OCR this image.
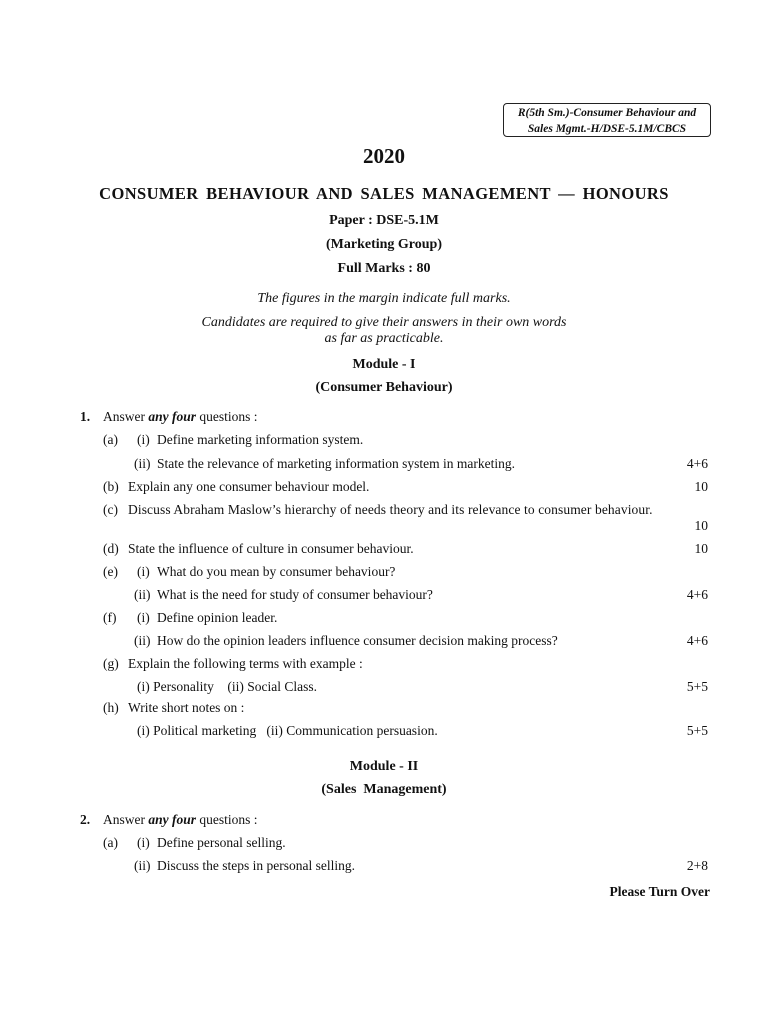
R(5th Sm.)-Consumer Behaviour and
Sales Mgmt.-H/DSE-5.1M/CBCS
2020
CONSUMER BEHAVIOUR AND SALES MANAGEMENT — HONOURS
Paper : DSE-5.1M
(Marketing Group)
Full Marks : 80
The figures in the margin indicate full marks.
Candidates are required to give their answers in their own words
as far as practicable.
Module - I
(Consumer Behaviour)
1. Answer any four questions :
(a) (i) Define marketing information system.
(ii) State the relevance of marketing information system in marketing.	4+6
(b) Explain any one consumer behaviour model.	10
(c) Discuss Abraham Maslow’s hierarchy of needs theory and its relevance to consumer behaviour.
10
(d) State the influence of culture in consumer behaviour.	10
(e) (i) What do you mean by consumer behaviour?
(ii) What is the need for study of consumer behaviour?	4+6
(f) (i) Define opinion leader.
(ii) How do the opinion leaders influence consumer decision making process?	4+6
(g) Explain the following terms with example :
(i) Personality    (ii) Social Class.	5+5
(h) Write short notes on :
(i) Political marketing   (ii) Communication persuasion.	5+5
Module - II
(Sales  Management)
2. Answer any four questions :
(a) (i) Define personal selling.
(ii) Discuss the steps in personal selling.	2+8
Please Turn Over
